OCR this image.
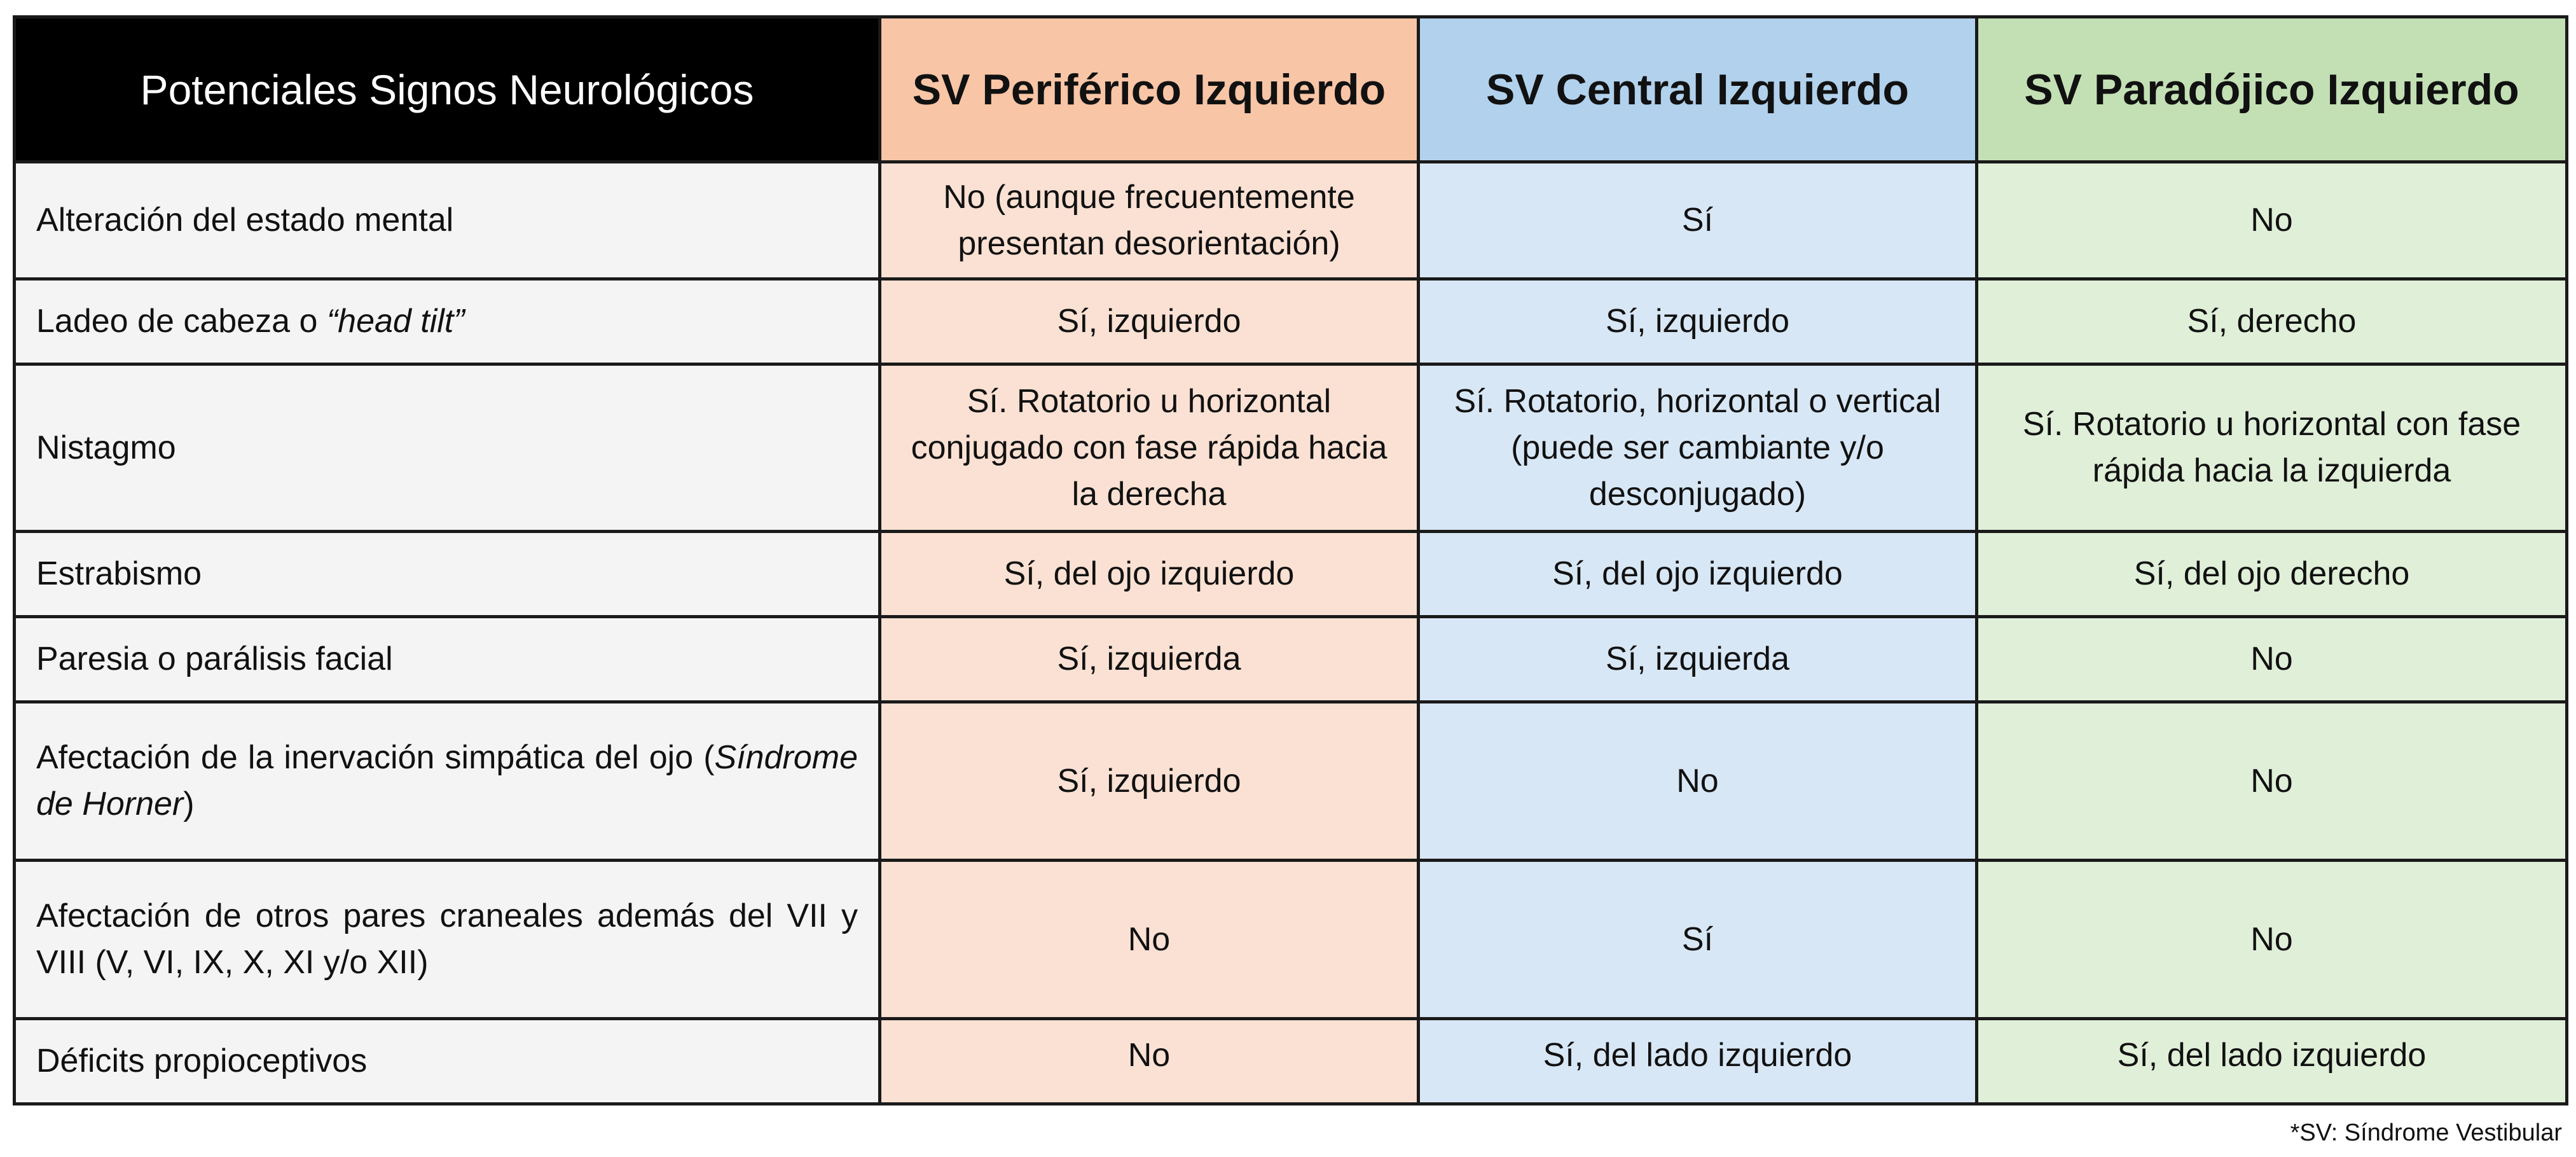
Potenciales Signos Neurológicos	SV Periférico Izquierdo	SV Central Izquierdo	SV Paradójico Izquierdo
Alteración del estado mental	No (aunque frecuentemente presentan desorientación)	Sí	No
Ladeo de cabeza o “head tilt”	Sí, izquierdo	Sí, izquierdo	Sí, derecho
Nistagmo	Sí. Rotatorio u horizontal conjugado con fase rápida hacia la derecha	Sí. Rotatorio, horizontal o vertical (puede ser cambiante y/o desconjugado)	Sí. Rotatorio u horizontal con fase rápida hacia la izquierda
Estrabismo	Sí, del ojo izquierdo	Sí, del ojo izquierdo	Sí, del ojo derecho
Paresia o parálisis facial	Sí, izquierda	Sí, izquierda	No
Afectación de la inervación simpática del ojo (Síndrome de Horner)	Sí, izquierdo	No	No
Afectación de otros pares craneales además del VII y VIII (V, VI, IX, X, XI y/o XII)	No	Sí	No
Déficits propioceptivos	No	Sí, del lado izquierdo	Sí, del lado izquierdo
*SV: Síndrome Vestibular
